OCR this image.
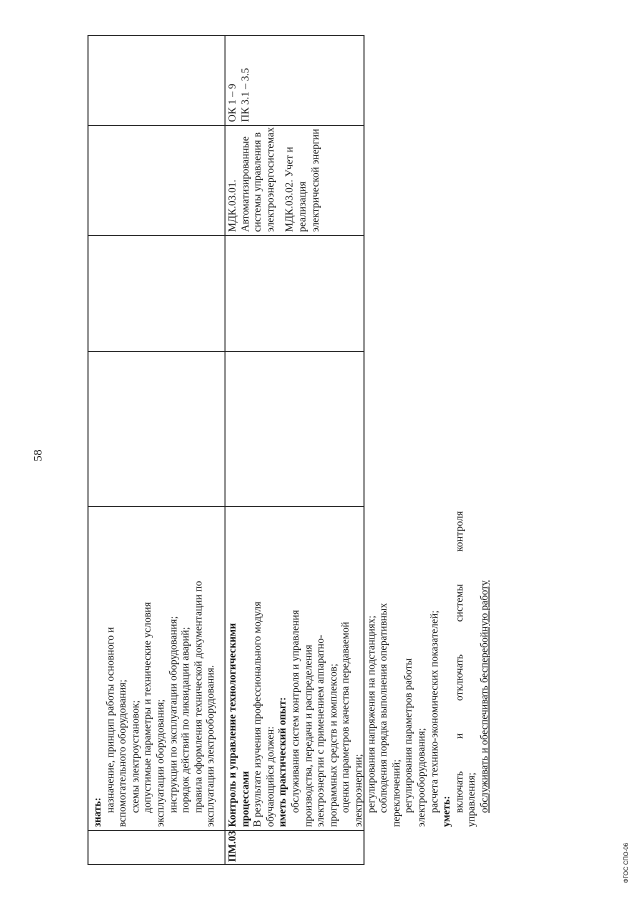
58
знать: назначение, принцип работы основного и вспомогательного оборудования; схемы электроустановок; допустимые параметры и технические условия эксплуатации оборудования; инструкции по эксплуатации оборудования; порядок действий по ликвидации аварий; правила оформления технической документации по эксплуатации электрооборудования.
ПМ.03
Контроль и управление технологическими процессами В результате изучения профессионального модуля обучающийся должен: иметь практический опыт: обслуживания систем контроля и управления производства, передачи и распределения электроэнергии с применением аппаратно- программных средств и комплексов; оценки параметров качества передаваемой электроэнергии; регулирования напряжения на подстанциях; соблюдения порядка выполнения оперативных переключений; регулирования параметров работы электрооборудования; расчета технико-экономических показателей; уметь: включать
и
отключать
системы
контроля
управления; обслуживать и обеспечивать бесперебойную работу
МДК.03.01. Автоматизированные системы управления в электроэнергосистемах МДК.03.02. Учет и реализация электрической энергии
ОК 1 – 9 ПК 3.1 – 3.5
ФГОС СПО-06
